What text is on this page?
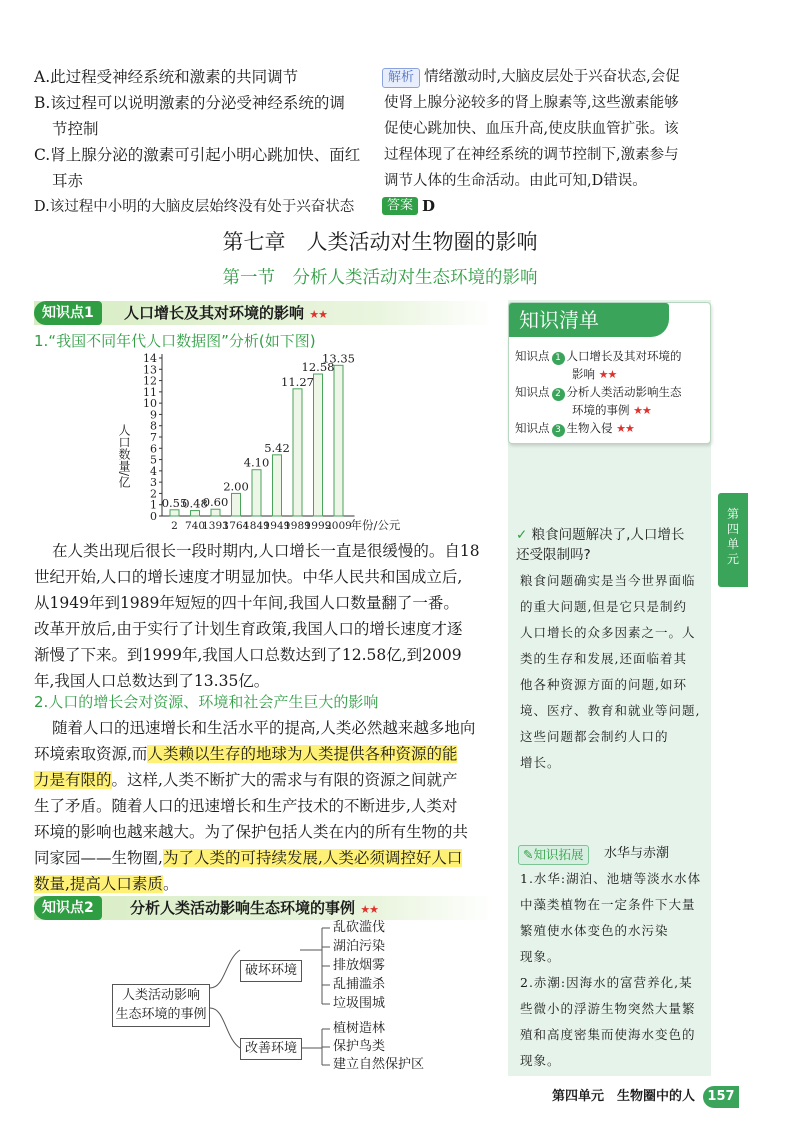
A.此过程受神经系统和激素的共同调节
B.该过程可以说明激素的分泌受神经系统的调
节控制
C.肾上腺分泌的激素可引起小明心跳加快、面红
耳赤
D.该过程中小明的大脑皮层始终没有处于兴奋状态
解析 情绪激动时,大脑皮层处于兴奋状态,会促
使肾上腺分泌较多的肾上腺素等,这些激素能够
促使心跳加快、血压升高,使皮肤血管扩张。该
过程体现了在神经系统的调节控制下,激素参与
调节人体的生命活动。由此可知,D错误。
答案 D
第七章　人类活动对生物圈的影响
第一节　分析人类活动对生态环境的影响
知识清单
知识点 1 人口增长及其对环境的
影响 ★★
知识点 2 分析人类活动影响生态
环境的事例 ★★
知识点 3 生物入侵 ★★
第四单元
✓ 粮食问题解决了,人口增长
还受限制吗?
粮食问题确实是当今世界面临
的重大问题,但是它只是制约
人口增长的众多因素之一。人
类的生存和发展,还面临着其
他各种资源方面的问题,如环
境、医疗、教育和就业等问题,
这些问题都会制约人口的
增长。
✎知识拓展	水华与赤潮
1.水华:湖泊、池塘等淡水水体
中藻类植物在一定条件下大量
繁殖使水体变色的水污染
现象。
2.赤潮:因海水的富营养化,某
些微小的浮游生物突然大量繁
殖和高度密集而使海水变色的
现象。
知识点1	人口增长及其对环境的影响 ★★
1.“我国不同年代人口数据图”分析(如下图)
0
1
2
3
4
5
6
7
8
9
10
11
12
13
14
人口数量/亿
0.55
2
0.48
740
0.60
1393
2.00
1764
4.10
1849
5.42
1949
11.27
1989
12.58
1999
13.35
2009
年份/公元
在人类出现后很长一段时期内,人口增长一直是很缓慢的。自18
世纪开始,人口的增长速度才明显加快。中华人民共和国成立后,
从1949年到1989年短短的四十年间,我国人口数量翻了一番。
改革开放后,由于实行了计划生育政策,我国人口的增长速度才逐
渐慢了下来。到1999年,我国人口总数达到了12.58亿,到2009
年,我国人口总数达到了13.35亿。
2.人口的增长会对资源、环境和社会产生巨大的影响
随着人口的迅速增长和生活水平的提高,人类必然越来越多地向
环境索取资源,而人类赖以生存的地球为人类提供各种资源的能
力是有限的。这样,人类不断扩大的需求与有限的资源之间就产
生了矛盾。随着人口的迅速增长和生产技术的不断进步,人类对
环境的影响也越来越大。为了保护包括人类在内的所有生物的共
同家园——生物圈,为了人类的可持续发展,人类必须调控好人口
数量,提高人口素质。
知识点2	分析人类活动影响生态环境的事例 ★★
人类活动影响
生态环境的事例
破坏环境
改善环境
乱砍滥伐
湖泊污染
排放烟雾
乱捕滥杀
垃圾围城
植树造林
保护鸟类
建立自然保护区
第四单元　 生物圈中的人 157
